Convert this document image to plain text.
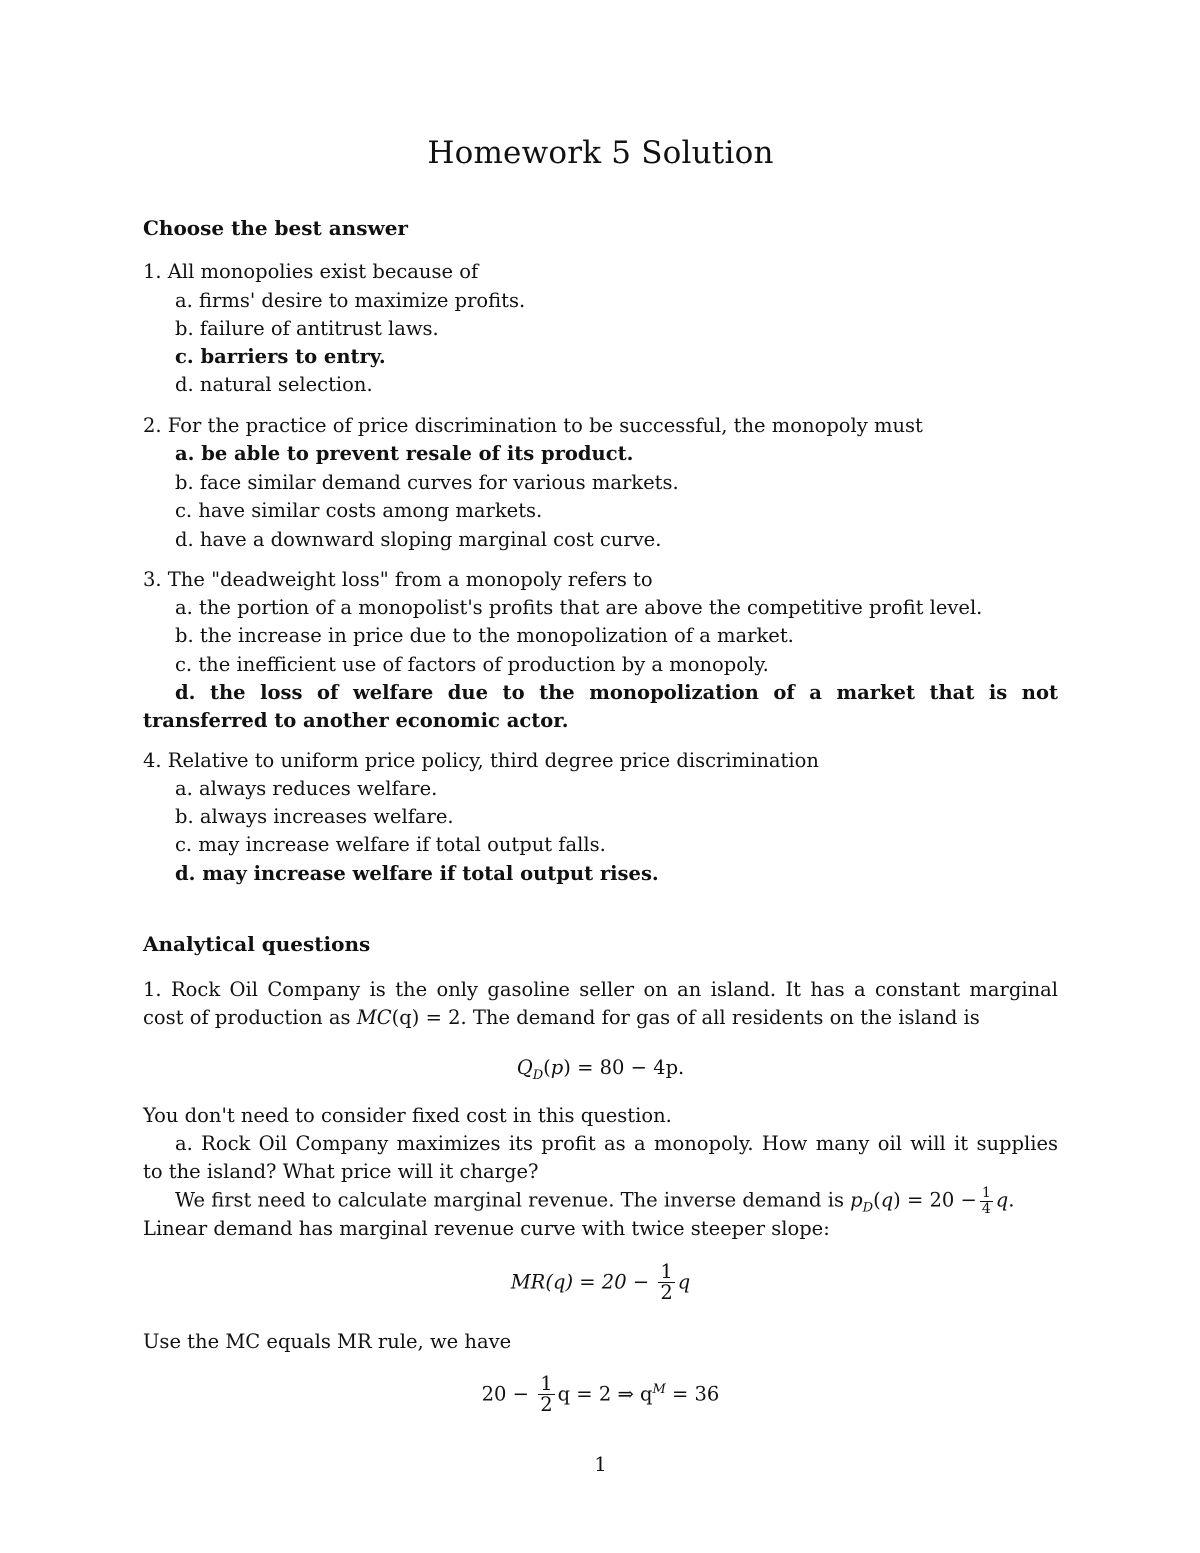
Homework 5 Solution
Choose the best answer
1. All monopolies exist because of
a. firms' desire to maximize profits.
b. failure of antitrust laws.
c. barriers to entry.
d. natural selection.
2. For the practice of price discrimination to be successful, the monopoly must
a. be able to prevent resale of its product.
b. face similar demand curves for various markets.
c. have similar costs among markets.
d. have a downward sloping marginal cost curve.
3. The "deadweight loss" from a monopoly refers to
a. the portion of a monopolist's profits that are above the competitive profit level.
b. the increase in price due to the monopolization of a market.
c. the inefficient use of factors of production by a monopoly.
d. the loss of welfare due to the monopolization of a market that is not
transferred to another economic actor.
4. Relative to uniform price policy, third degree price discrimination
a. always reduces welfare.
b. always increases welfare.
c. may increase welfare if total output falls.
d. may increase welfare if total output rises.
Analytical questions
1. Rock Oil Company is the only gasoline seller on an island. It has a constant marginal
cost of production as MC(q) = 2. The demand for gas of all residents on the island is
$Q_D(p) = 80 - 4p$.
You don't need to consider fixed cost in this question.
a. Rock Oil Company maximizes its profit as a monopoly. How many oil will it supplies
to the island? What price will it charge?
We first need to calculate marginal revenue. The inverse demand is $p_D(q) = 20 - \frac{1}{4} q$.
Linear demand has marginal revenue curve with twice steeper slope:
$MR(q) = 20 - \frac{1}{2}$ q
Use the MC equals MR rule, we have
$20 - \frac{1}{2}$ q = 2 ⇒ $q^M = 36$
1
